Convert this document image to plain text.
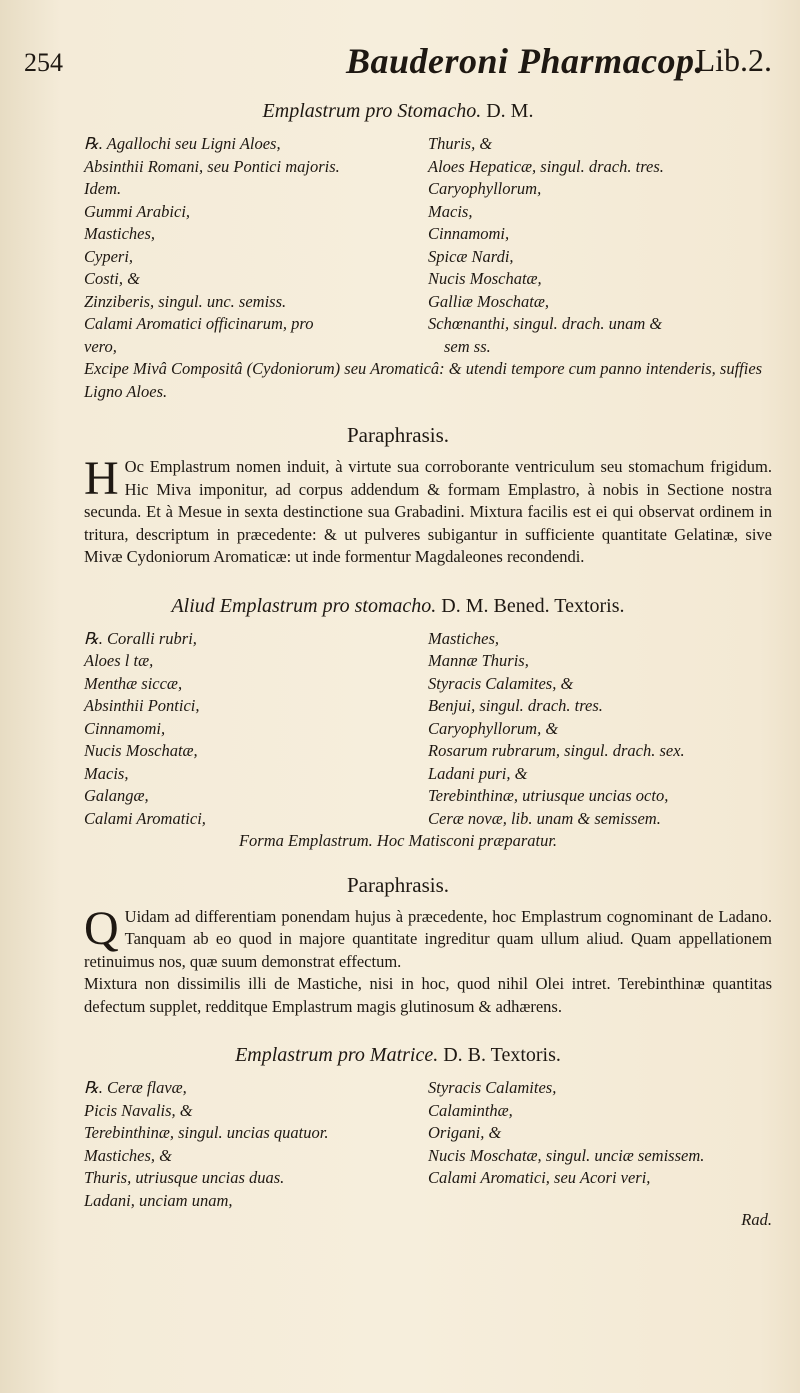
254	Bauderoni Pharmacop.
Lib.2.
Emplastrum pro Stomacho. D. M.

℞. Agallochi seu Ligni Aloes,

Absinthii Romani, seu Pontici majoris.

Idem.

Gummi Arabici,

Mastiches,

Cyperi,

Costi, &

Zinziberis, singul. unc. semiss.

Calami Aromatici officinarum, pro

vero,

Thuris, &

Aloes Hepaticæ, singul. drach. tres.

Caryophyllorum,

Macis,

Cinnamomi,

Spicæ Nardi,

Nucis Moschatæ,

Galliæ Moschatæ,

Schœnanthi, singul. drach. unam &

sem ss.

Excipe Mivâ Compositâ (Cydoniorum) seu Aromaticâ: & utendi tempore cum panno intenderis, suffies Ligno Aloes.

Paraphrasis.

H Oc Emplastrum nomen induit, à virtute sua corroborante ventriculum seu stomachum frigidum. Hic Miva imponitur, ad corpus addendum & formam Emplastro, à nobis in Sectione nostra secunda. Et à Mesue in sexta destinctione sua Grabadini. Mixtura facilis est ei qui observat ordinem in tritura, descriptum in præcedente: & ut pulveres subigantur in sufficiente quantitate Gelatinæ, sive Mivæ Cydoniorum Aromaticæ: ut inde formentur Magdaleones recondendi.

Aliud Emplastrum pro stomacho. D. M. Bened. Textoris.

℞. Coralli rubri,

Aloes l tæ,

Menthæ siccæ,

Absinthii Pontici,

Cinnamomi,

Nucis Moschatæ,

Macis,

Galangæ,

Calami Aromatici,

Mastiches,

Mannæ Thuris,

Styracis Calamites, &

Benjui, singul. drach. tres.

Caryophyllorum, &

Rosarum rubrarum, singul. drach. sex.

Ladani puri, &

Terebinthinæ, utriusque uncias octo,

Ceræ novæ, lib. unam & semissem.

Forma Emplastrum. Hoc Matisconi præparatur.

Paraphrasis.

Q Uidam ad differentiam ponendam hujus à præcedente, hoc Emplastrum cognominant de Ladano. Tanquam ab eo quod in majore quantitate ingreditur quam ullum aliud. Quam appellationem retinuimus nos, quæ suum demonstrat effectum.

Mixtura non dissimilis illi de Mastiche, nisi in hoc, quod nihil Olei intret. Terebinthinæ quantitas defectum supplet, redditque Emplastrum magis glutinosum & adhærens.

Emplastrum pro Matrice. D. B. Textoris.

℞. Ceræ flavæ,

Picis Navalis, &

Terebinthinæ, singul. uncias quatuor.

Mastiches, &

Thuris, utriusque uncias duas.

Ladani, unciam unam,

Styracis Calamites,

Calaminthæ,

Origani, &

Nucis Moschatæ, singul. unciæ semissem.

Calami Aromatici, seu Acori veri,

Rad.
